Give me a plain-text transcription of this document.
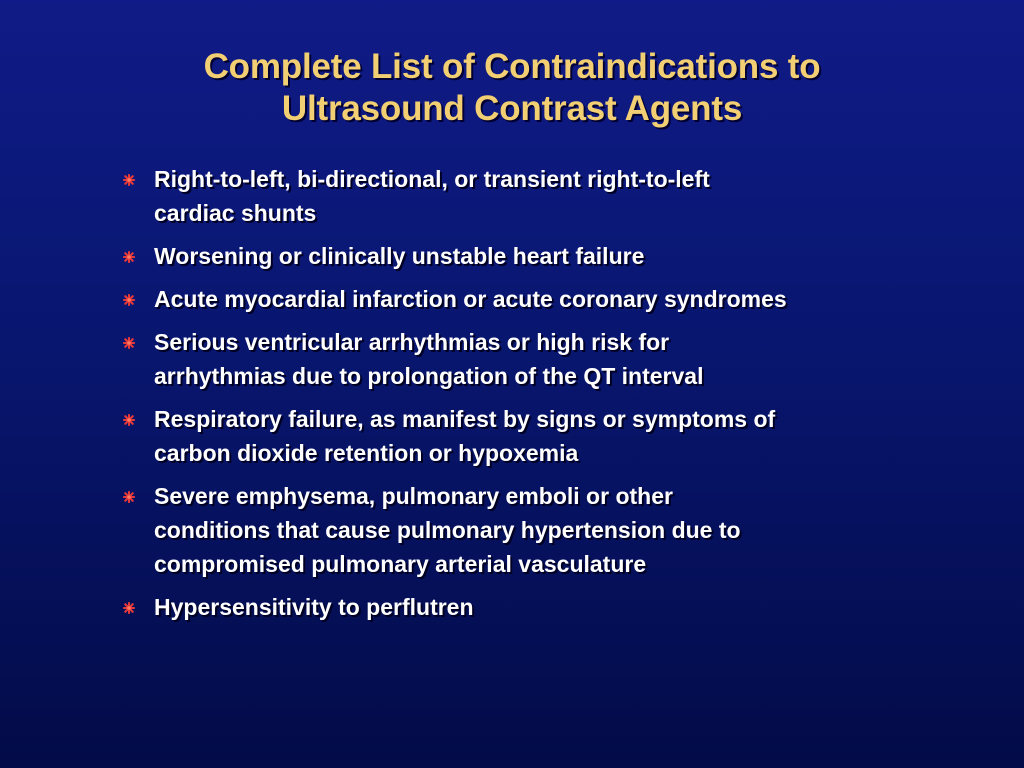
Complete List of Contraindications to
Ultrasound Contrast Agents
Right-to-left, bi-directional, or transient right-to-left
cardiac shunts
Worsening or clinically unstable heart failure
Acute myocardial infarction or acute coronary syndromes
Serious ventricular arrhythmias or high risk for
arrhythmias due to prolongation of the QT interval
Respiratory failure, as manifest by signs or symptoms of
carbon dioxide retention or hypoxemia
Severe emphysema, pulmonary emboli or other
conditions that cause pulmonary hypertension due to
compromised pulmonary arterial vasculature
Hypersensitivity to perflutren
